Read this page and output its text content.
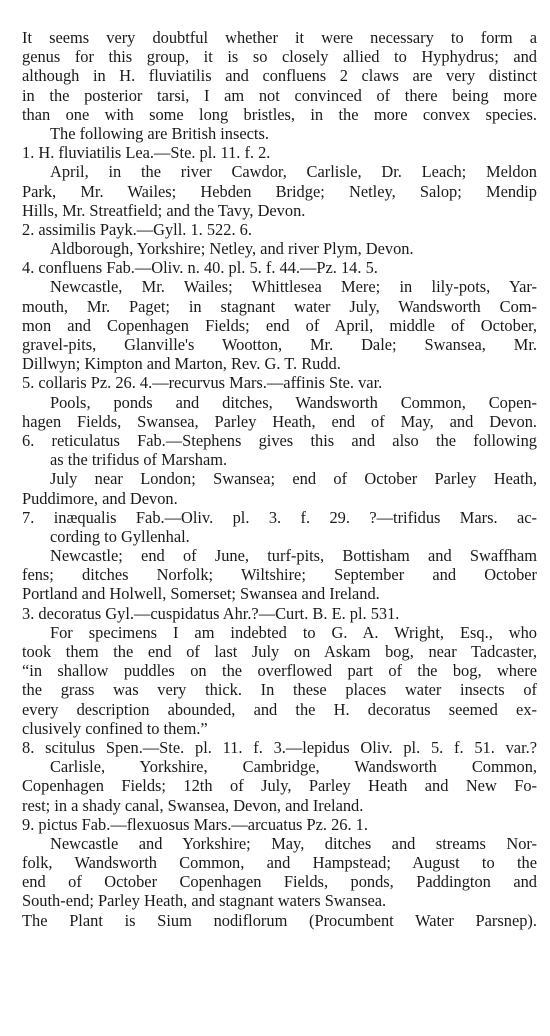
It seems very doubtful whether it were necessary to form a
genus for this group, it is so closely allied to Hyphydrus; and
although in H. fluviatilis and confluens 2 claws are very distinct
in the posterior tarsi, I am not convinced of there being more
than one with some long bristles, in the more convex species.
The following are British insects.
1. H. fluviatilis Lea.—Ste. pl. 11. f. 2.
April, in the river Cawdor, Carlisle, Dr. Leach; Meldon
Park, Mr. Wailes; Hebden Bridge; Netley, Salop; Mendip
Hills, Mr. Streatfield; and the Tavy, Devon.
2. assimilis Payk.—Gyll. 1. 522. 6.
Aldborough, Yorkshire; Netley, and river Plym, Devon.
4. confluens Fab.—Oliv. n. 40. pl. 5. f. 44.—Pz. 14. 5.
Newcastle, Mr. Wailes; Whittlesea Mere; in lily-pots, Yar-
mouth, Mr. Paget; in stagnant water July, Wandsworth Com-
mon and Copenhagen Fields; end of April, middle of October,
gravel-pits, Glanville's Wootton, Mr. Dale; Swansea, Mr.
Dillwyn; Kimpton and Marton, Rev. G. T. Rudd.
5. collaris Pz. 26. 4.—recurvus Mars.—affinis Ste. var.
Pools, ponds and ditches, Wandsworth Common, Copen-
hagen Fields, Swansea, Parley Heath, end of May, and Devon.
6. reticulatus Fab.—Stephens gives this and also the following
as the trifidus of Marsham.
July near London; Swansea; end of October Parley Heath,
Puddimore, and Devon.
7. inæqualis Fab.—Oliv. pl. 3. f. 29. ?—trifidus Mars. ac-
cording to Gyllenhal.
Newcastle; end of June, turf-pits, Bottisham and Swaffham
fens; ditches Norfolk; Wiltshire; September and October
Portland and Holwell, Somerset; Swansea and Ireland.
3. decoratus Gyl.—cuspidatus Ahr.?—Curt. B. E. pl. 531.
For specimens I am indebted to G. A. Wright, Esq., who
took them the end of last July on Askam bog, near Tadcaster,
“in shallow puddles on the overflowed part of the bog, where
the grass was very thick. In these places water insects of
every description abounded, and the H. decoratus seemed ex-
clusively confined to them.”
8. scitulus Spen.—Ste. pl. 11. f. 3.—lepidus Oliv. pl. 5. f. 51. var.?
Carlisle, Yorkshire, Cambridge, Wandsworth Common,
Copenhagen Fields; 12th of July, Parley Heath and New Fo-
rest; in a shady canal, Swansea, Devon, and Ireland.
9. pictus Fab.—flexuosus Mars.—arcuatus Pz. 26. 1.
Newcastle and Yorkshire; May, ditches and streams Nor-
folk, Wandsworth Common, and Hampstead; August to the
end of October Copenhagen Fields, ponds, Paddington and
South-end; Parley Heath, and stagnant waters Swansea.
The Plant is Sium nodiflorum (Procumbent Water Parsnep).
